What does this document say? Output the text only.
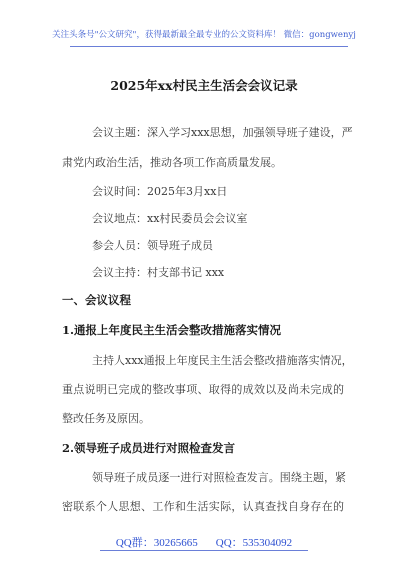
关注头条号"公文研究"，获得最新最全最专业的公文资料库！ 微信：gongwenyj
2025年xx村民主生活会会议记录
会议主题：深入学习xxx思想，加强领导班子建设，严
肃党内政治生活，推动各项工作高质量发展。
会议时间：2025年3月xx日
会议地点：xx村民委员会会议室
参会人员：领导班子成员
会议主持：村支部书记 xxx
一、会议议程
1.通报上年度民主生活会整改措施落实情况
主持人xxx通报上年度民主生活会整改措施落实情况，
重点说明已完成的整改事项、取得的成效以及尚未完成的
整改任务及原因。
2.领导班子成员进行对照检查发言
领导班子成员逐一进行对照检查发言。围绕主题，紧
密联系个人思想、工作和生活实际，认真查找自身存在的
QQ群：30265665 QQ：535304092
